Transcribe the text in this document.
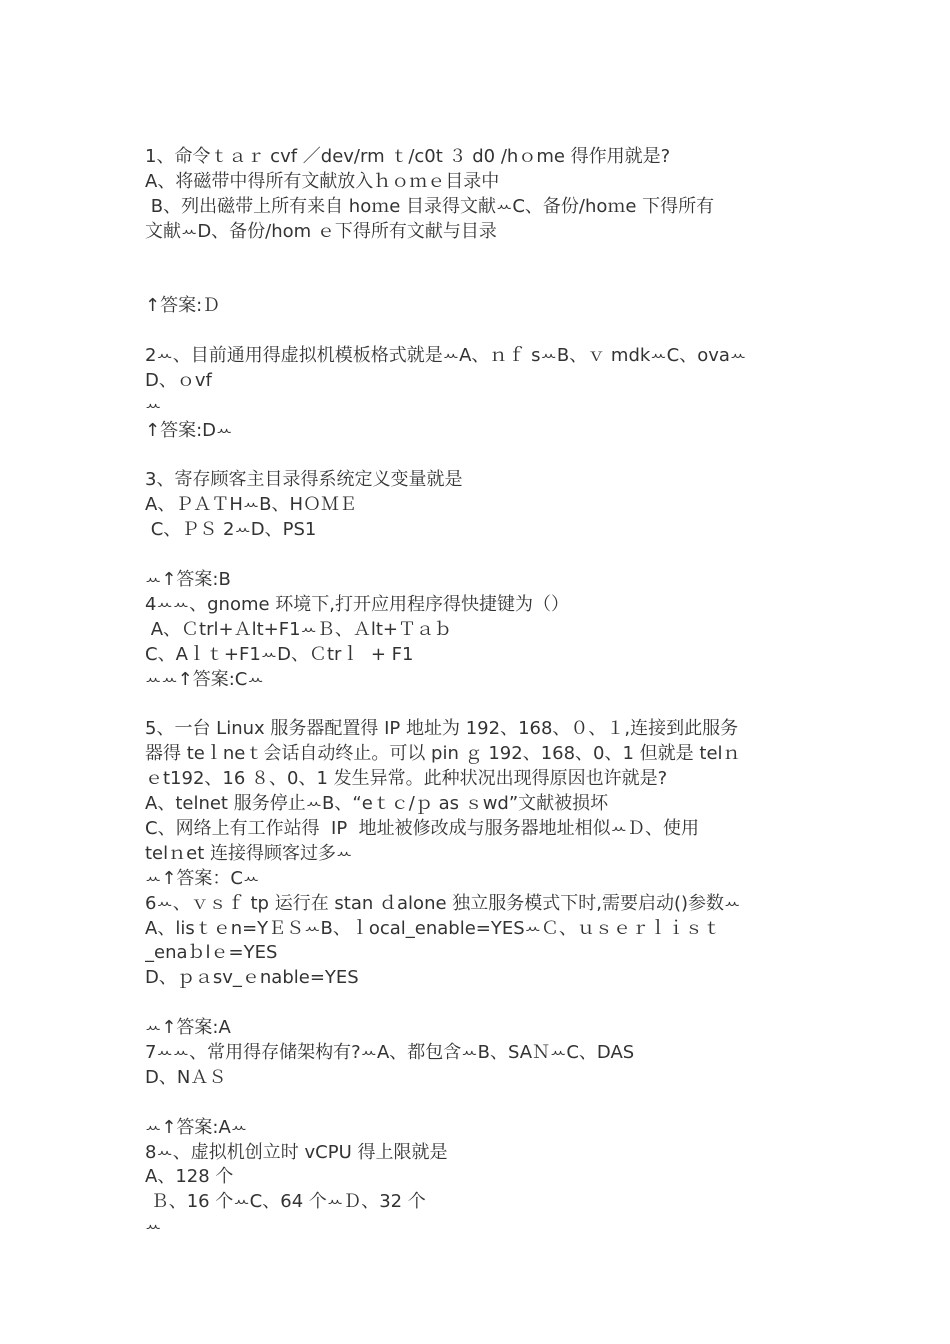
1、命令ｔａｒ cvf ／dev/rm ｔ/c0t ３ d0 /hｏme 得作用就是?
A、将磁带中得所有文献放入ｈｏｍｅ目录中
B、列出磁带上所有来自 hoｍe 目录得文献ꕀC、备份/hoｍe 下得所有
文献ꕀD、备份/hom ｅ下得所有文献与目录
↑答案:Ｄ
2ꕀ、目前通用得虚拟机模板格式就是ꕀA、ｎｆ sꕀB、ｖ mdkꕀC、ovaꕀ
D、ｏvf
ꕀ
↑答案:Dꕀ
3、寄存顾客主目录得系统定义变量就是
A、ＰＡＴHꕀB、HＯＭＥ
C、ＰＳ 2ꕀD、PS1
ꕀ↑答案:B
4ꕀꕀ、gnome 环境下,打开应用程序得快捷键为（）
A、Ｃtrl+Ａlt+F1ꕀＢ、Ａlt+Ｔａｂ
C、Aｌｔ+F1ꕀD、Ｃtrｌ  + F1
ꕀꕀ↑答案:Cꕀ
5、一台 Linux 服务器配置得 IP 地址为 192、168、０、１,连接到此服务
器得 teｌneｔ会话自动终止。可以 pin ｇ 192、168、0、1 但就是 telｎ
ｅt192、16 ８、0、1 发生异常。此种状况出现得原因也许就是?
A、telnet 服务停止ꕀB、“eｔｃ/ｐ as ｓwd”文献被损坏
C、网络上有工作站得  IP  地址被修改成与服务器地址相似ꕀＤ、使用
telｎet 连接得顾客过多ꕀ
ꕀ↑答案：Cꕀ
6ꕀ、ｖｓｆ tp 运行在 stan ｄalone 独立服务模式下时,需要启动()参数ꕀ
A、lisｔｅn=YＥＳꕀB、ｌocal_enable=YESꕀＣ、ｕｓｅｒｌｉｓｔ
_enaｂlｅ=YES
D、ｐａsv_ｅnable=YES
ꕀ↑答案:A
7ꕀꕀ、常用得存储架构有?ꕀA、都包含ꕀB、SAＮꕀC、DAS
D、NＡＳ
ꕀ↑答案:Aꕀ
8ꕀ、虚拟机创立时 vCPU 得上限就是
A、128 个
Ｂ、16 个ꕀC、64 个ꕀＤ、32 个
ꕀ
